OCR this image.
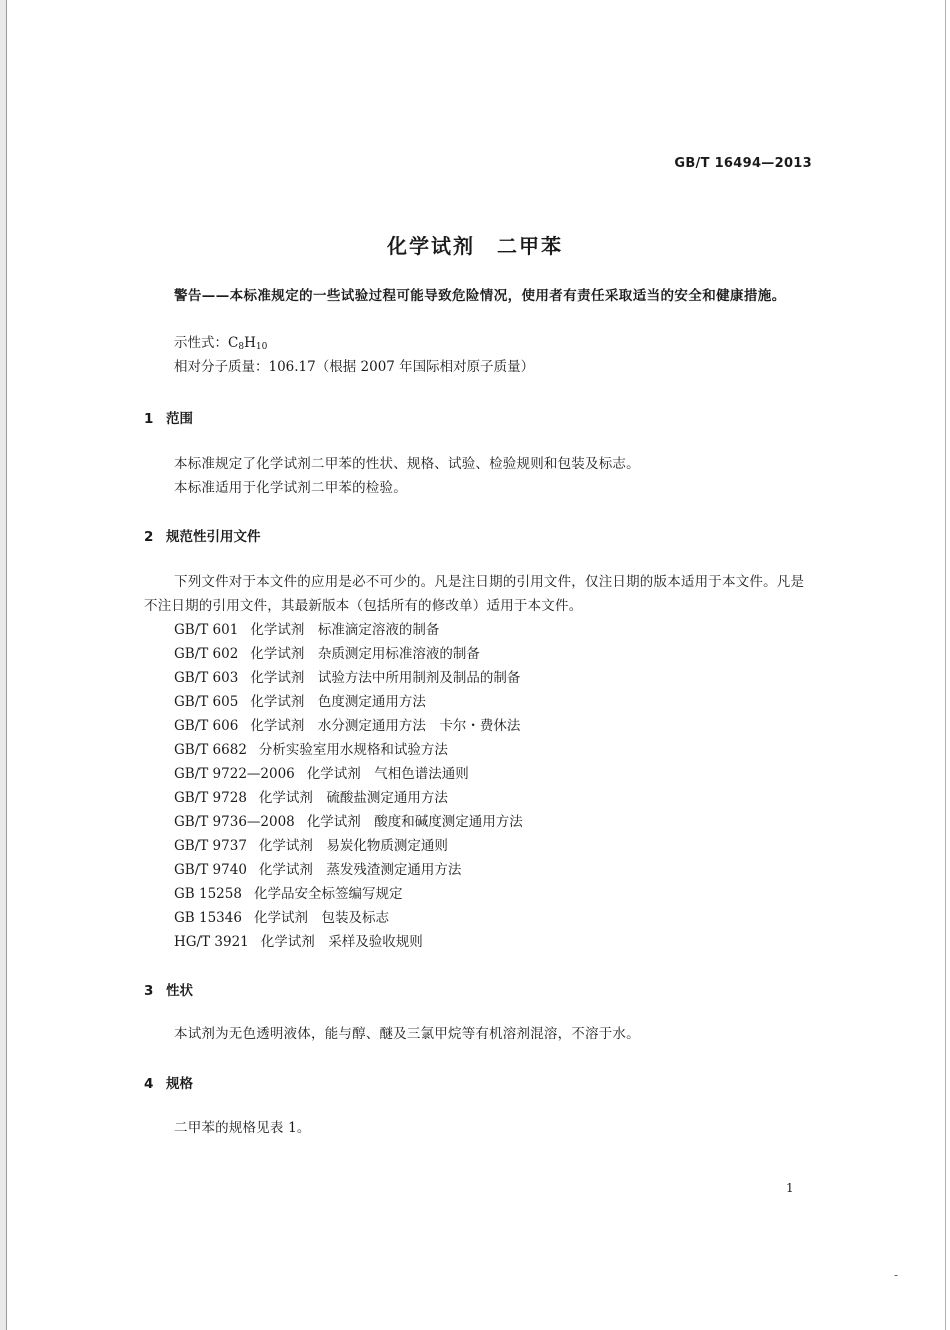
GB/T 16494—2013
化学试剂 二甲苯
警告——本标准规定的一些试验过程可能导致危险情况，使用者有责任采取适当的安全和健康措施。
示性式：$C_8H_{10}$
相对分子质量：106.17（根据 2007 年国际相对原子质量）
1 范围
本标准规定了化学试剂二甲苯的性状、规格、试验、检验规则和包装及标志。
本标准适用于化学试剂二甲苯的检验。
2 规范性引用文件
下列文件对于本文件的应用是必不可少的。凡是注日期的引用文件，仅注日期的版本适用于本文件。凡是不注日期的引用文件，其最新版本（包括所有的修改单）适用于本文件。
GB/T 601 化学试剂　标准滴定溶液的制备
GB/T 602 化学试剂　杂质测定用标准溶液的制备
GB/T 603 化学试剂　试验方法中所用制剂及制品的制备
GB/T 605 化学试剂　色度测定通用方法
GB/T 606 化学试剂　水分测定通用方法　卡尔・费休法
GB/T 6682 分析实验室用水规格和试验方法
GB/T 9722—2006 化学试剂　气相色谱法通则
GB/T 9728 化学试剂　硫酸盐测定通用方法
GB/T 9736—2008 化学试剂　酸度和碱度测定通用方法
GB/T 9737 化学试剂　易炭化物质测定通则
GB/T 9740 化学试剂　蒸发残渣测定通用方法
GB 15258 化学品安全标签编写规定
GB 15346 化学试剂　包装及标志
HG/T 3921 化学试剂　采样及验收规则
3 性状
本试剂为无色透明液体，能与醇、醚及三氯甲烷等有机溶剂混溶，不溶于水。
4 规格
二甲苯的规格见表 1。
1
-
